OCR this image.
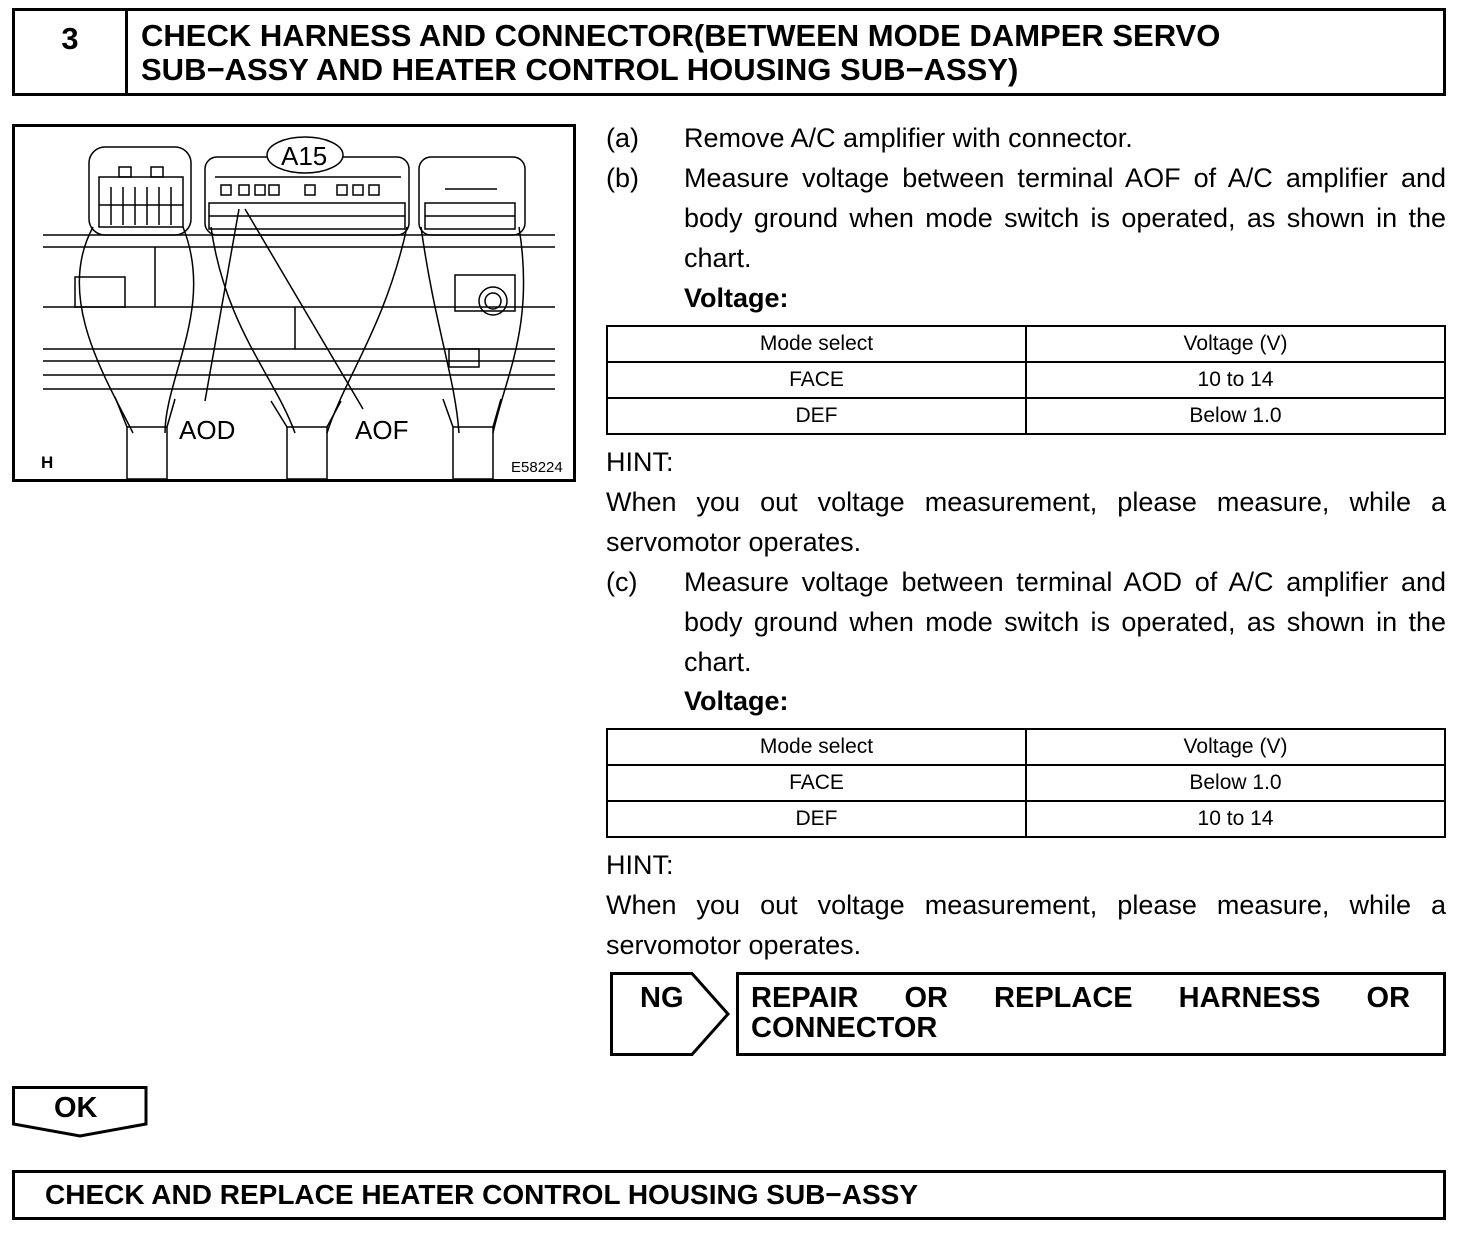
3	CHECK HARNESS AND CONNECTOR(BETWEEN MODE DAMPER SERVO
SUB−ASSY AND HEATER CONTROL HOUSING SUB−ASSY)
A15
AOD	AOF
H	E58224
(a) Remove A/C amplifier with connector.
(b) Measure voltage between terminal AOF of A/C amplifier and body ground when mode switch is operated, as shown in the chart.
Voltage:
Mode select	Voltage (V)
FACE	10 to 14
DEF	Below 1.0
HINT:
When you out voltage measurement, please measure, while a servomotor operates.
(c) Measure voltage between terminal AOD of A/C amplifier and body ground when mode switch is operated, as shown in the chart.
Voltage:
Mode select	Voltage (V)
FACE	Below 1.0
DEF	10 to 14
HINT:
When you out voltage measurement, please measure, while a servomotor operates.
NG REPAIR OR REPLACE HARNESS OR
CONNECTOR
OK
CHECK AND REPLACE HEATER CONTROL HOUSING SUB−ASSY
